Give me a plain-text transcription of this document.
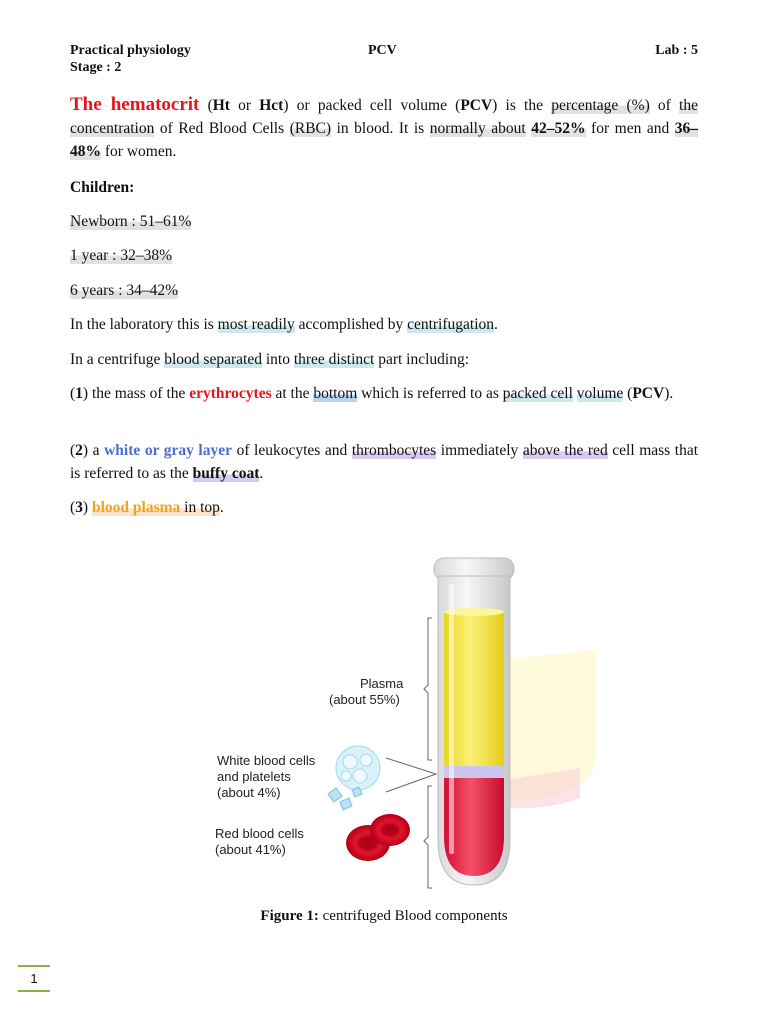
Practical physiology
Stage : 2
PCV	Lab : 5

The hematocrit (Ht or Hct) or packed cell volume (PCV) is the percentage (%) of the concentration of Red Blood Cells (RBC) in blood. It is normally about 42–52% for men and 36–48% for women.

Children:

Newborn : 51–61%

1 year : 32–38%

6 years : 34–42%

In the laboratory this is most readily accomplished by centrifugation.

In a centrifuge blood separated into three distinct part including:

(1) the mass of the erythrocytes at the bottom which is referred to as packed cell volume (PCV).

(2) a white or gray layer of leukocytes and thrombocytes immediately above the red cell mass that is referred to as the buffy coat.

(3) blood plasma in top.

Plasma
(about 55%)
White blood cells
and platelets
(about 4%)
Red blood cells
(about 41%)
Figure 1: centrifuged Blood components
1
